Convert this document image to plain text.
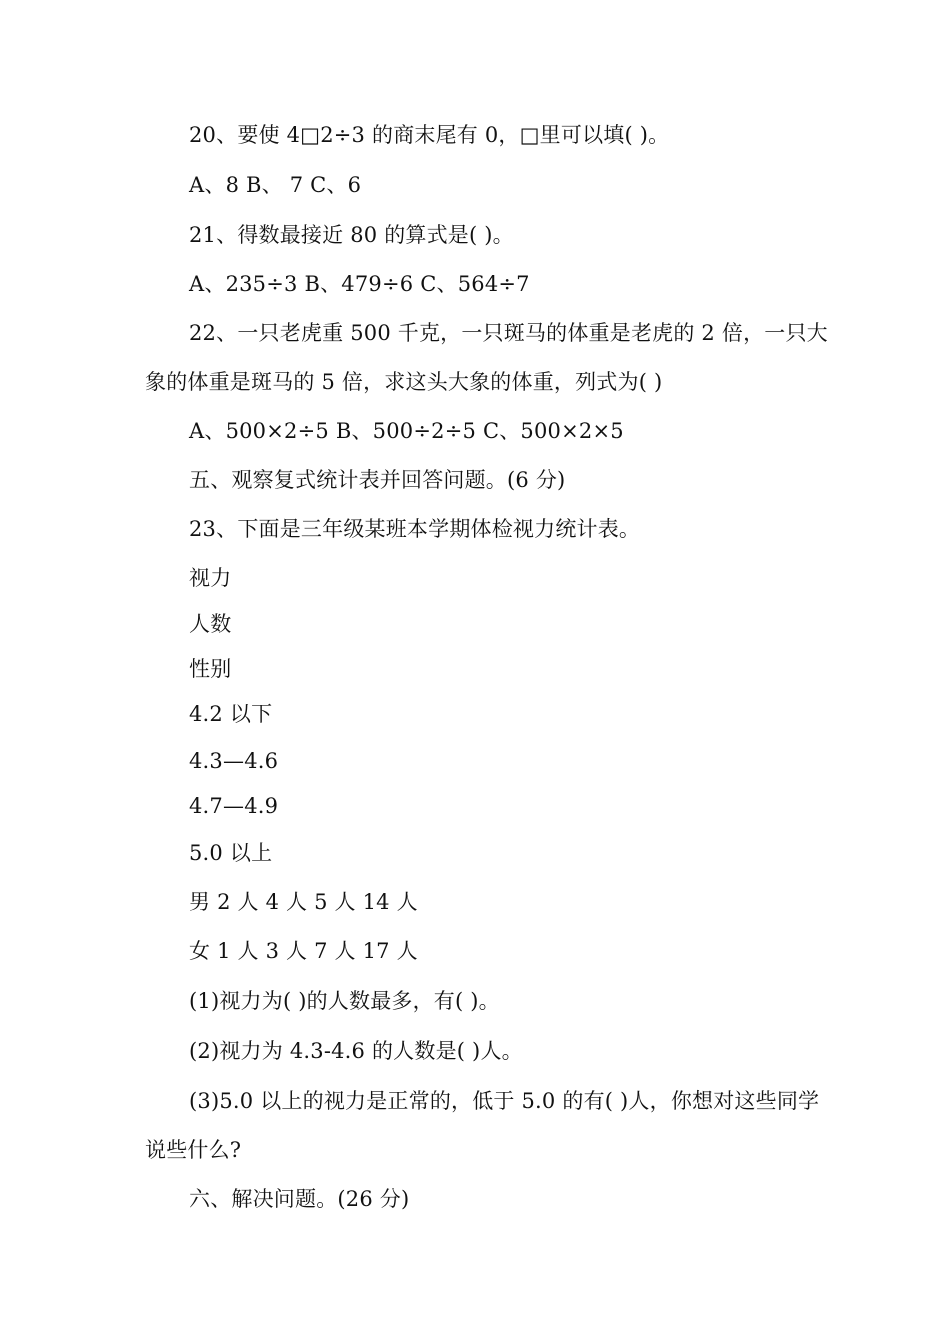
20、要使 4□2÷3 的商末尾有 0，□里可以填( )。
A、8 B、 7 C、6
21、得数最接近 80 的算式是( )。
A、235÷3 B、479÷6 C、564÷7
22、一只老虎重 500 千克，一只斑马的体重是老虎的 2 倍，一只大
象的体重是斑马的 5 倍，求这头大象的体重，列式为( )
A、500×2÷5 B、500÷2÷5 C、500×2×5
五、观察复式统计表并回答问题。(6 分)
23、下面是三年级某班本学期体检视力统计表。
视力
人数
性别
4.2 以下
4.3—4.6
4.7—4.9
5.0 以上
男 2 人 4 人 5 人 14 人
女 1 人 3 人 7 人 17 人
(1)视力为( )的人数最多，有( )。
(2)视力为 4.3-4.6 的人数是( )人。
(3)5.0 以上的视力是正常的，低于 5.0 的有( )人，你想对这些同学
说些什么?
六、解决问题。(26 分)
